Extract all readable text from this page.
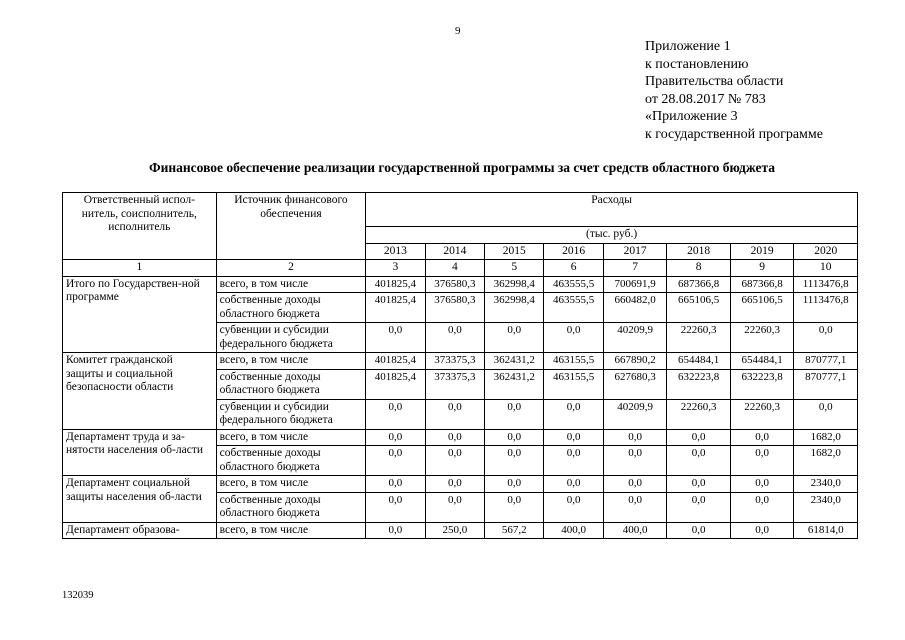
9
Приложение 1
к постановлению
Правительства области
от 28.08.2017 № 783
«Приложение 3
к государственной программе
Финансовое обеспечение реализации государственной программы за счет средств областного бюджета
Ответственный испол-нитель, соисполнитель, исполнитель	Источник финансового обеспечения	Расходы							
		(тыс. руб.)							
		2013	2014	2015	2016	2017	2018	2019	2020
1	2	3	4	5	6	7	8	9	10
Итого по Государствен-ной программе	всего, в том числе	401825,4	376580,3	362998,4	463555,5	700691,9	687366,8	687366,8	1113476,8
	собственные доходы областного бюджета	401825,4	376580,3	362998,4	463555,5	660482,0	665106,5	665106,5	1113476,8
	субвенции и субсидии федерального бюджета	0,0	0,0	0,0	0,0	40209,9	22260,3	22260,3	0,0
Комитет гражданской защиты и социальной безопасности области	всего, в том числе	401825,4	373375,3	362431,2	463155,5	667890,2	654484,1	654484,1	870777,1
	собственные доходы областного бюджета	401825,4	373375,3	362431,2	463155,5	627680,3	632223,8	632223,8	870777,1
	субвенции и субсидии федерального бюджета	0,0	0,0	0,0	0,0	40209,9	22260,3	22260,3	0,0
Департамент труда и за-нятости населения об-ласти	всего, в том числе	0,0	0,0	0,0	0,0	0,0	0,0	0,0	1682,0
	собственные доходы областного бюджета	0,0	0,0	0,0	0,0	0,0	0,0	0,0	1682,0
Департамент социальной защиты населения об-ласти	всего, в том числе	0,0	0,0	0,0	0,0	0,0	0,0	0,0	2340,0
	собственные доходы областного бюджета	0,0	0,0	0,0	0,0	0,0	0,0	0,0	2340,0
Департамент образова-	всего, в том числе	0,0	250,0	567,2	400,0	400,0	0,0	0,0	61814,0
132039
